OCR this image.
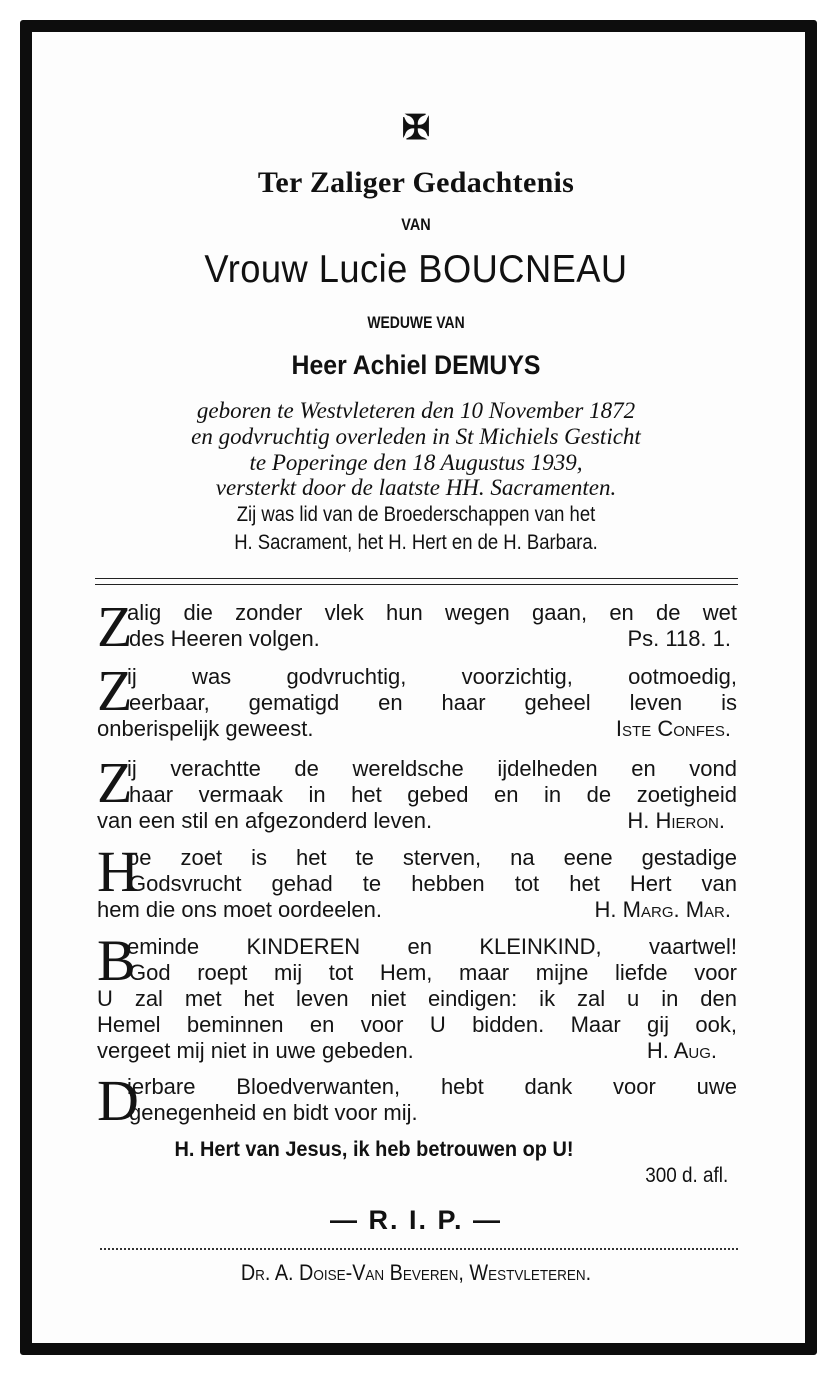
✠
Ter Zaliger Gedachtenis
VAN
Vrouw Lucie BOUCNEAU
WEDUWE VAN
Heer Achiel DEMUYS
geboren te Westvleteren den 10 November 1872
en godvruchtig overleden in St Michiels Gesticht
te Poperinge den 18 Augustus 1939,
versterkt door de laatste HH. Sacramenten.
Zij was lid van de Broederschappen van het
H. Sacrament, het H. Hert en de H. Barbara.
Z
alig die zonder vlek hun wegen gaan, en de wet
des Heeren volgen.	Ps. 118. 1.
Z
ij was godvruchtig, voorzichtig, ootmoedig,
eerbaar, gematigd en haar geheel leven is
onberispelijk geweest.	Iste Confes.
Z
ij verachtte de wereldsche ijdelheden en vond
haar vermaak in het gebed en in de zoetigheid
van een stil en afgezonderd leven.	H. Hieron.
H
oe zoet is het te sterven, na eene gestadige
Godsvrucht gehad te hebben tot het Hert van
hem die ons moet oordeelen.	H. Marg. Mar.
B
eminde KINDEREN en KLEINKIND, vaartwel!
God roept mij tot Hem, maar mijne liefde voor
U zal met het leven niet eindigen: ik zal u in den
Hemel beminnen en voor U bidden. Maar gij ook,
vergeet mij niet in uwe gebeden.	H. Aug.
D
ierbare Bloedverwanten, hebt dank voor uwe
genegenheid en bidt voor mij.
H. Hert van Jesus, ik heb betrouwen op U!
300 d. afl.
— R. I. P. —
Dr. A. Doise-Van Beveren, Westvleteren.
